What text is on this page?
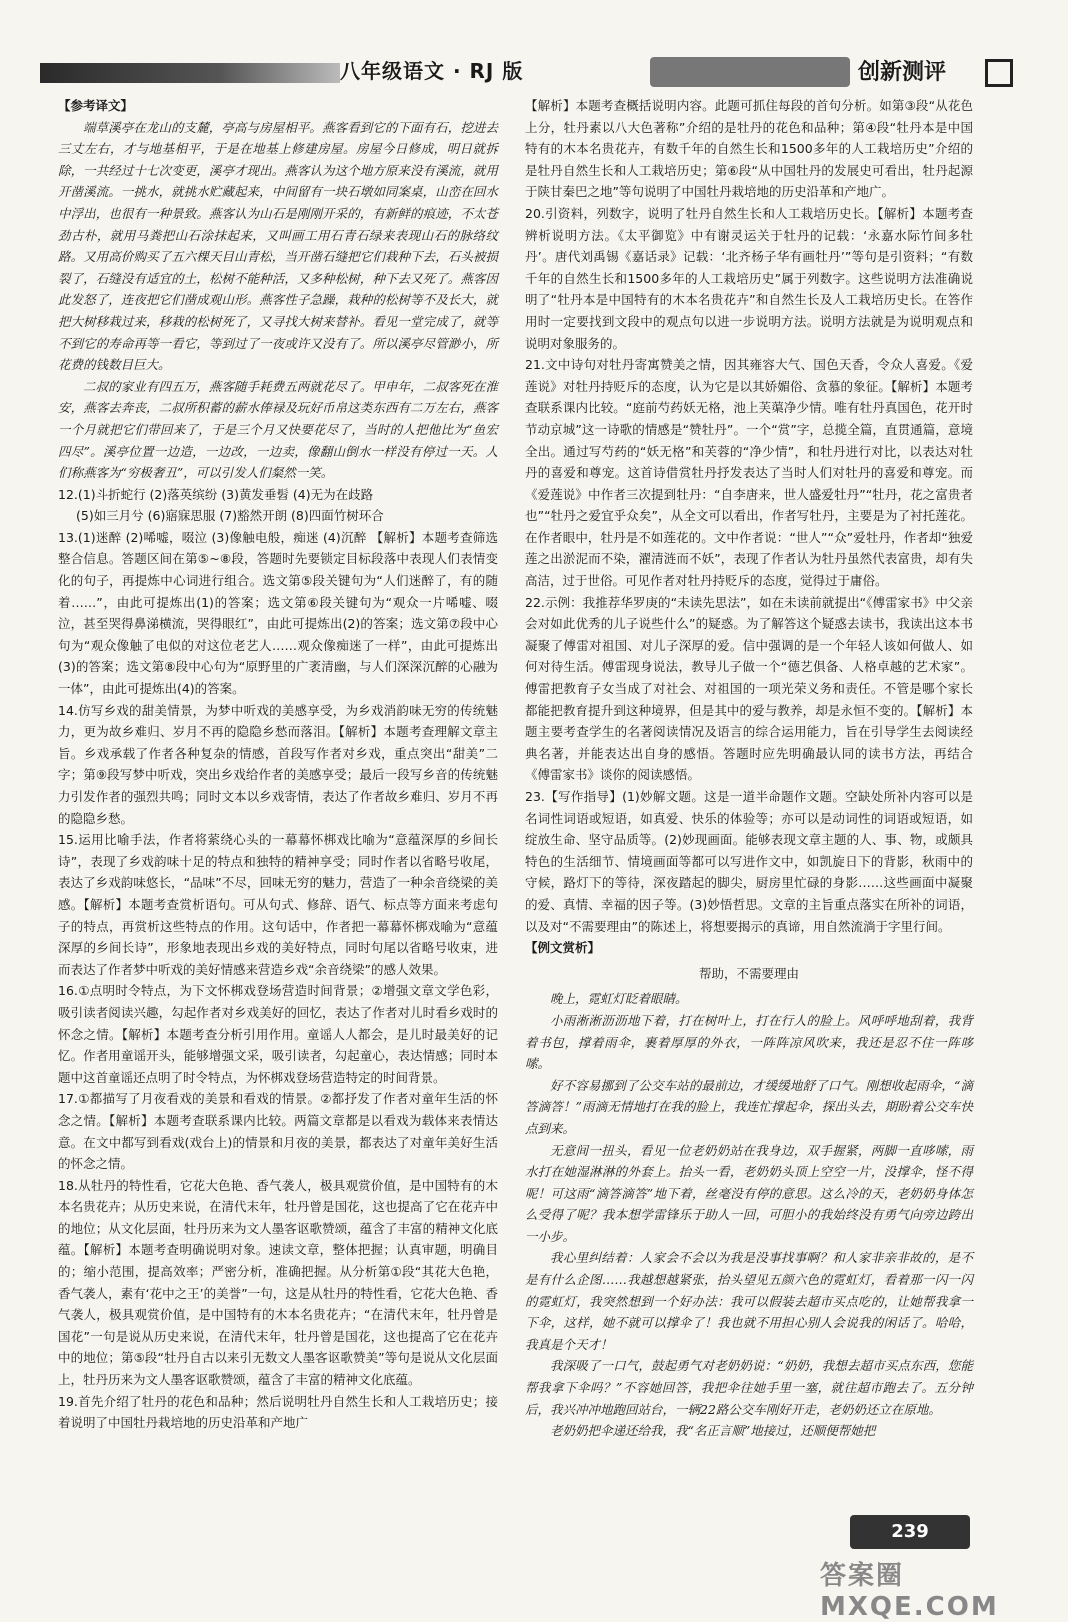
八年级语文 · RJ 版	创新测评

【参考译文】

端草溪亭在龙山的支麓，亭高与房屋相平。燕客看到它的下面有石，挖进去三丈左右，才与地基相平，于是在地基上修建房屋。房屋今日修成，明日就拆除，一共经过十七次变更，溪亭才现出。燕客认为这个地方原来没有溪流，就用开凿溪流。一挑水，就挑水贮藏起来，中间留有一块石墩如同案桌，山峦在回水中浮出，也很有一种景致。燕客认为山石是刚刚开采的，有新鲜的痕迹，不太苍劲古朴，就用马粪把山石涂抹起来，又叫画工用石青石绿来表现山石的脉络纹路。又用高价购买了五六棵天目山青松，当开凿石缝把它们栽种下去，石头被损裂了，石缝没有适宜的土，松树不能种活，又多种松树，种下去又死了。燕客因此发怒了，连夜把它们凿成观山形。燕客性子急躁，栽种的松树等不及长大，就把大树移栽过来，移栽的松树死了，又寻找大树来替补。看见一堂完成了，就等不到它的寿命再等一看它，等到过了一夜或许又没有了。所以溪亭尽管渺小，所花费的钱数目巨大。

二叔的家业有四五万，燕客随手耗费五两就花尽了。甲申年，二叔客死在淮安，燕客去奔丧，二叔所积蓄的薪水俸禄及玩好币帛这类东西有二万左右，燕客一个月就把它们带回来了，于是三个月又快要花尽了，当时的人把他比为“鱼宏四尽”。溪亭位置一边造，一边改，一边卖，像翻山倒水一样没有停过一天。人们称燕客为“穷极奢丑”，可以引发人们粲然一笑。

12.(1)斗折蛇行 (2)落英缤纷 (3)黄发垂髫 (4)无为在歧路

(5)如三月兮 (6)寤寐思服 (7)豁然开朗 (8)四面竹树环合

13.(1)迷醉 (2)唏嘘，啜泣 (3)像触电般，痴迷 (4)沉醉 【解析】本题考查筛选整合信息。答题区间在第⑤~⑧段，答题时先要锁定目标段落中表现人们表情变化的句子，再提炼中心词进行组合。选文第⑤段关键句为“人们迷醉了，有的随着……”，由此可提炼出(1)的答案；选文第⑥段关键句为“观众一片唏嘘、啜泣，甚至哭得鼻涕横流，哭得眼红”，由此可提炼出(2)的答案；选文第⑦段中心句为“观众像触了电似的对这位老艺人……观众像痴迷了一样”，由此可提炼出(3)的答案；选文第⑧段中心句为“原野里的广袤清幽，与人们深深沉醉的心融为一体”，由此可提炼出(4)的答案。

14.仿写乡戏的甜美情景，为梦中听戏的美感享受，为乡戏消韵味无穷的传统魅力，更为故乡难归、岁月不再的隐隐乡愁而落泪。【解析】本题考查理解文章主旨。乡戏承载了作者各种复杂的情感，首段写作者对乡戏，重点突出“甜美”二字；第⑨段写梦中听戏，突出乡戏给作者的美感享受；最后一段写乡音的传统魅力引发作者的强烈共鸣；同时文本以乡戏寄情，表达了作者故乡难归、岁月不再的隐隐乡愁。

15.运用比喻手法，作者将萦绕心头的一幕幕怀梆戏比喻为“意蕴深厚的乡间长诗”，表现了乡戏韵味十足的特点和独特的精神享受；同时作者以省略号收尾，表达了乡戏韵味悠长，“品味”不尽，回味无穷的魅力，营造了一种余音绕梁的美感。【解析】本题考查赏析语句。可从句式、修辞、语气、标点等方面来考虑句子的特点，再赏析这些特点的作用。这句话中，作者把一幕幕怀梆戏喻为“意蕴深厚的乡间长诗”，形象地表现出乡戏的美好特点，同时句尾以省略号收束，进而表达了作者梦中听戏的美好情感来营造乡戏“余音绕梁”的感人效果。

16.①点明时令特点，为下文怀梆戏登场营造时间背景；②增强文章文学色彩，吸引读者阅读兴趣，勾起作者对乡戏美好的回忆，表达了作者对儿时看乡戏时的怀念之情。【解析】本题考查分析引用作用。童谣人人都会，是儿时最美好的记忆。作者用童谣开头，能够增强文采，吸引读者，勾起童心，表达情感；同时本题中这首童谣还点明了时令特点，为怀梆戏登场营造特定的时间背景。

17.①都描写了月夜看戏的美景和看戏的情景。②都抒发了作者对童年生活的怀念之情。【解析】本题考查联系课内比较。两篇文章都是以看戏为载体来表情达意。在文中都写到看戏(戏台上)的情景和月夜的美景，都表达了对童年美好生活的怀念之情。

18.从牡丹的特性看，它花大色艳、香气袭人，极具观赏价值，是中国特有的木本名贵花卉；从历史来说，在清代末年，牡丹曾是国花，这也提高了它在花卉中的地位；从文化层面，牡丹历来为文人墨客讴歌赞颂，蕴含了丰富的精神文化底蕴。【解析】本题考查明确说明对象。速读文章，整体把握；认真审题，明确目的；缩小范围，提高效率；严密分析，准确把握。从分析第①段“其花大色艳，香气袭人，素有‘花中之王’的美誉”一句，这是从牡丹的特性看，它花大色艳、香气袭人，极具观赏价值，是中国特有的木本名贵花卉；“在清代末年，牡丹曾是国花”一句是说从历史来说，在清代末年，牡丹曾是国花，这也提高了它在花卉中的地位；第⑤段“牡丹自古以来引无数文人墨客讴歌赞美”等句是说从文化层面上，牡丹历来为文人墨客讴歌赞颂，蕴含了丰富的精神文化底蕴。

19.首先介绍了牡丹的花色和品种；然后说明牡丹自然生长和人工栽培历史；接着说明了中国牡丹栽培地的历史沿革和产地广

【解析】本题考查概括说明内容。此题可抓住每段的首句分析。如第③段“从花色上分，牡丹素以八大色著称”介绍的是牡丹的花色和品种；第④段“牡丹本是中国特有的木本名贵花卉，有数千年的自然生长和1500多年的人工栽培历史”介绍的是牡丹自然生长和人工栽培历史；第⑥段“从中国牡丹的发展史可看出，牡丹起源于陕甘秦巴之地”等句说明了中国牡丹栽培地的历史沿革和产地广。

20.引资料，列数字，说明了牡丹自然生长和人工栽培历史长。【解析】本题考查辨析说明方法。《太平御览》中有谢灵运关于牡丹的记载：‘永嘉水际竹间多牡丹’。唐代刘禹锡《嘉话录》记载：‘北齐杨子华有画牡丹’”等句是引资料；“有数千年的自然生长和1500多年的人工栽培历史”属于列数字。这些说明方法准确说明了“牡丹本是中国特有的木本名贵花卉”和自然生长及人工栽培历史长。在答作用时一定要找到文段中的观点句以进一步说明方法。说明方法就是为说明观点和说明对象服务的。

21.文中诗句对牡丹寄寓赞美之情，因其雍容大气、国色天香，令众人喜爱。《爱莲说》对牡丹持贬斥的态度，认为它是以其娇媚俗、贪慕的象征。【解析】本题考查联系课内比较。“庭前芍药妖无格，池上芙蕖净少情。唯有牡丹真国色，花开时节动京城”这一诗歌的情感是“赞牡丹”。一个“赏”字，总揽全篇，直贯通篇，意境全出。通过写芍药的“妖无格”和芙蓉的“净少情”，和牡丹进行对比，以表达对牡丹的喜爱和尊宠。这首诗借赏牡丹抒发表达了当时人们对牡丹的喜爱和尊宠。而《爱莲说》中作者三次提到牡丹：“自李唐来，世人盛爱牡丹”“牡丹，花之富贵者也”“牡丹之爱宜乎众矣”，从全文可以看出，作者写牡丹，主要是为了衬托莲花。在作者眼中，牡丹是不如莲花的。文中作者说：“世人”“众”爱牡丹，作者却“独爱莲之出淤泥而不染，濯清涟而不妖”，表现了作者认为牡丹虽然代表富贵，却有失高洁，过于世俗。可见作者对牡丹持贬斥的态度，觉得过于庸俗。

22.示例：我推荐华罗庚的“未读先思法”，如在未读前就提出“《傅雷家书》中父亲会对如此优秀的儿子说些什么”的疑惑。为了解答这个疑惑去读书，我读出这本书凝聚了傅雷对祖国、对儿子深厚的爱。信中强调的是一个年轻人该如何做人、如何对待生活。傅雷现身说法，教导儿子做一个“德艺俱备、人格卓越的艺术家”。傅雷把教育子女当成了对社会、对祖国的一项光荣义务和责任。不管是哪个家长都能把教育提升到这种境界，但是其中的爱与教养，却是永恒不变的。【解析】本题主要考查学生的名著阅读情况及语言的综合运用能力，旨在引导学生去阅读经典名著，并能表达出自身的感悟。答题时应先明确最认同的读书方法，再结合《傅雷家书》谈你的阅读感悟。

23.【写作指导】(1)妙解文题。这是一道半命题作文题。空缺处所补内容可以是名词性词语或短语，如真爱、快乐的体验等；亦可以是动词性的词语或短语，如绽放生命、坚守品质等。(2)妙现画面。能够表现文章主题的人、事、物，或颇具特色的生活细节、情境画面等都可以写进作文中，如凯旋日下的背影，秋雨中的守候，路灯下的等待，深夜踏起的脚尖，厨房里忙碌的身影……这些画面中凝聚的爱、真情、幸福的因子等。(3)妙悟哲思。文章的主旨重点落实在所补的词语，以及对“不需要理由”的陈述上，将想要揭示的真谛，用自然流淌于字里行间。

【例文赏析】

帮助，不需要理由

晚上，霓虹灯眨着眼睛。

小雨淅淅沥沥地下着，打在树叶上，打在行人的脸上。风呼呼地刮着，我背着书包，撑着雨伞，裹着厚厚的外衣，一阵阵凉风吹来，我还是忍不住一阵哆嗦。

好不容易挪到了公交车站的最前边，才缓缓地舒了口气。刚想收起雨伞，“滴答滴答！”雨滴无情地打在我的脸上，我连忙撑起伞，探出头去，期盼着公交车快点到来。

无意间一扭头，看见一位老奶奶站在我身边，双手握紧，两脚一直哆嗦，雨水打在她湿淋淋的外套上。抬头一看，老奶奶头顶上空空一片，没撑伞，怪不得呢！可这雨“滴答滴答”地下着，丝毫没有停的意思。这么冷的天，老奶奶身体怎么受得了呢？我本想学雷锋乐于助人一回，可胆小的我始终没有勇气向旁边跨出一小步。

我心里纠结着：人家会不会以为我是没事找事啊？和人家非亲非故的，是不是有什么企图……我越想越紧张，抬头望见五颜六色的霓虹灯，看着那一闪一闪的霓虹灯，我突然想到一个好办法：我可以假装去超市买点吃的，让她帮我拿一下伞，这样，她不就可以撑伞了！我也就不用担心别人会说我的闲话了。哈哈，我真是个天才！

我深吸了一口气，鼓起勇气对老奶奶说：“奶奶，我想去超市买点东西，您能帮我拿下伞吗？”不容她回答，我把伞往她手里一塞，就往超市跑去了。五分钟后，我兴冲冲地跑回站台，一辆22路公交车刚好开走，老奶奶还立在原地。

老奶奶把伞递还给我，我“名正言顺”地接过，还顺便帮她把

239
答案圈 MXQE.COM
